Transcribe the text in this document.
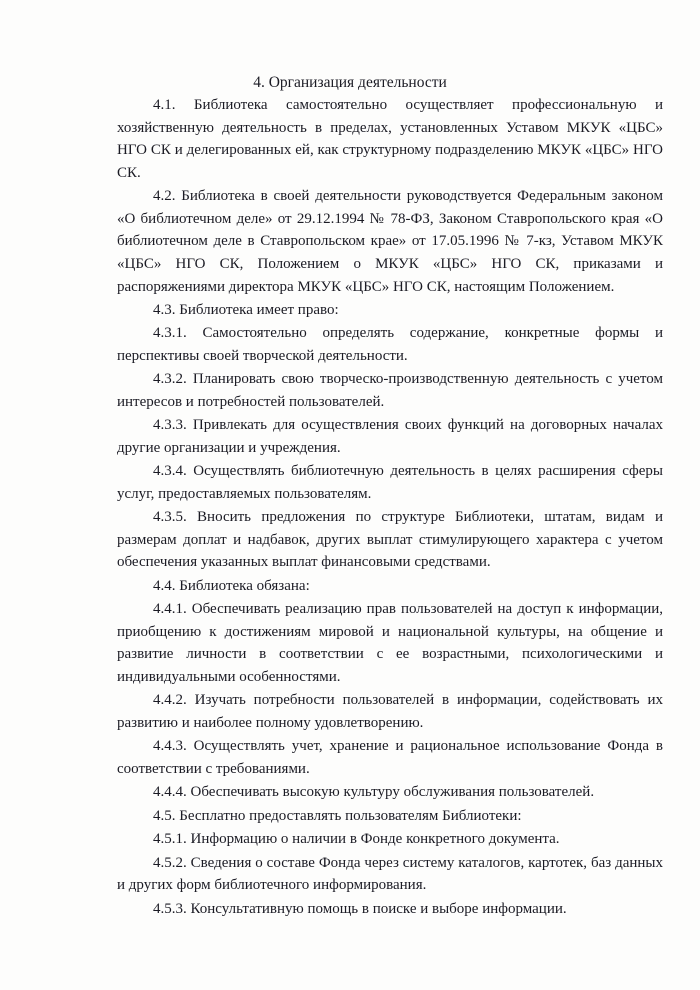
4. Организация деятельности

4.1. Библиотека самостоятельно осуществляет профессиональную и хозяйственную деятельность в пределах, установленных Уставом МКУК «ЦБС» НГО СК и делегированных ей, как структурному подразделению МКУК «ЦБС» НГО СК.

4.2. Библиотека в своей деятельности руководствуется Федеральным законом «О библиотечном деле» от 29.12.1994 № 78-ФЗ, Законом Ставропольского края «О библиотечном деле в Ставропольском крае» от 17.05.1996 № 7-кз, Уставом МКУК «ЦБС» НГО СК, Положением о МКУК «ЦБС» НГО СК, приказами и распоряжениями директора МКУК «ЦБС» НГО СК, настоящим Положением.

4.3. Библиотека имеет право:

4.3.1. Самостоятельно определять содержание, конкретные формы и перспективы своей творческой деятельности.

4.3.2. Планировать свою творческо-производственную деятельность с учетом интересов и потребностей пользователей.

4.3.3. Привлекать для осуществления своих функций на договорных началах другие организации и учреждения.

4.3.4. Осуществлять библиотечную деятельность в целях расширения сферы услуг, предоставляемых пользователям.

4.3.5. Вносить предложения по структуре Библиотеки, штатам, видам и размерам доплат и надбавок, других выплат стимулирующего характера с учетом обеспечения указанных выплат финансовыми средствами.

4.4. Библиотека обязана:

4.4.1. Обеспечивать реализацию прав пользователей на доступ к информации, приобщению к достижениям мировой и национальной культуры, на общение и развитие личности в соответствии с ее возрастными, психологическими и индивидуальными особенностями.

4.4.2. Изучать потребности пользователей в информации, содействовать их развитию и наиболее полному удовлетворению.

4.4.3. Осуществлять учет, хранение и рациональное использование Фонда в соответствии с требованиями.

4.4.4. Обеспечивать высокую культуру обслуживания пользователей.

4.5. Бесплатно предоставлять пользователям Библиотеки:

4.5.1. Информацию о наличии в Фонде конкретного документа.

4.5.2. Сведения о составе Фонда через систему каталогов, картотек, баз данных и других форм библиотечного информирования.

4.5.3. Консультативную помощь в поиске и выборе информации.
